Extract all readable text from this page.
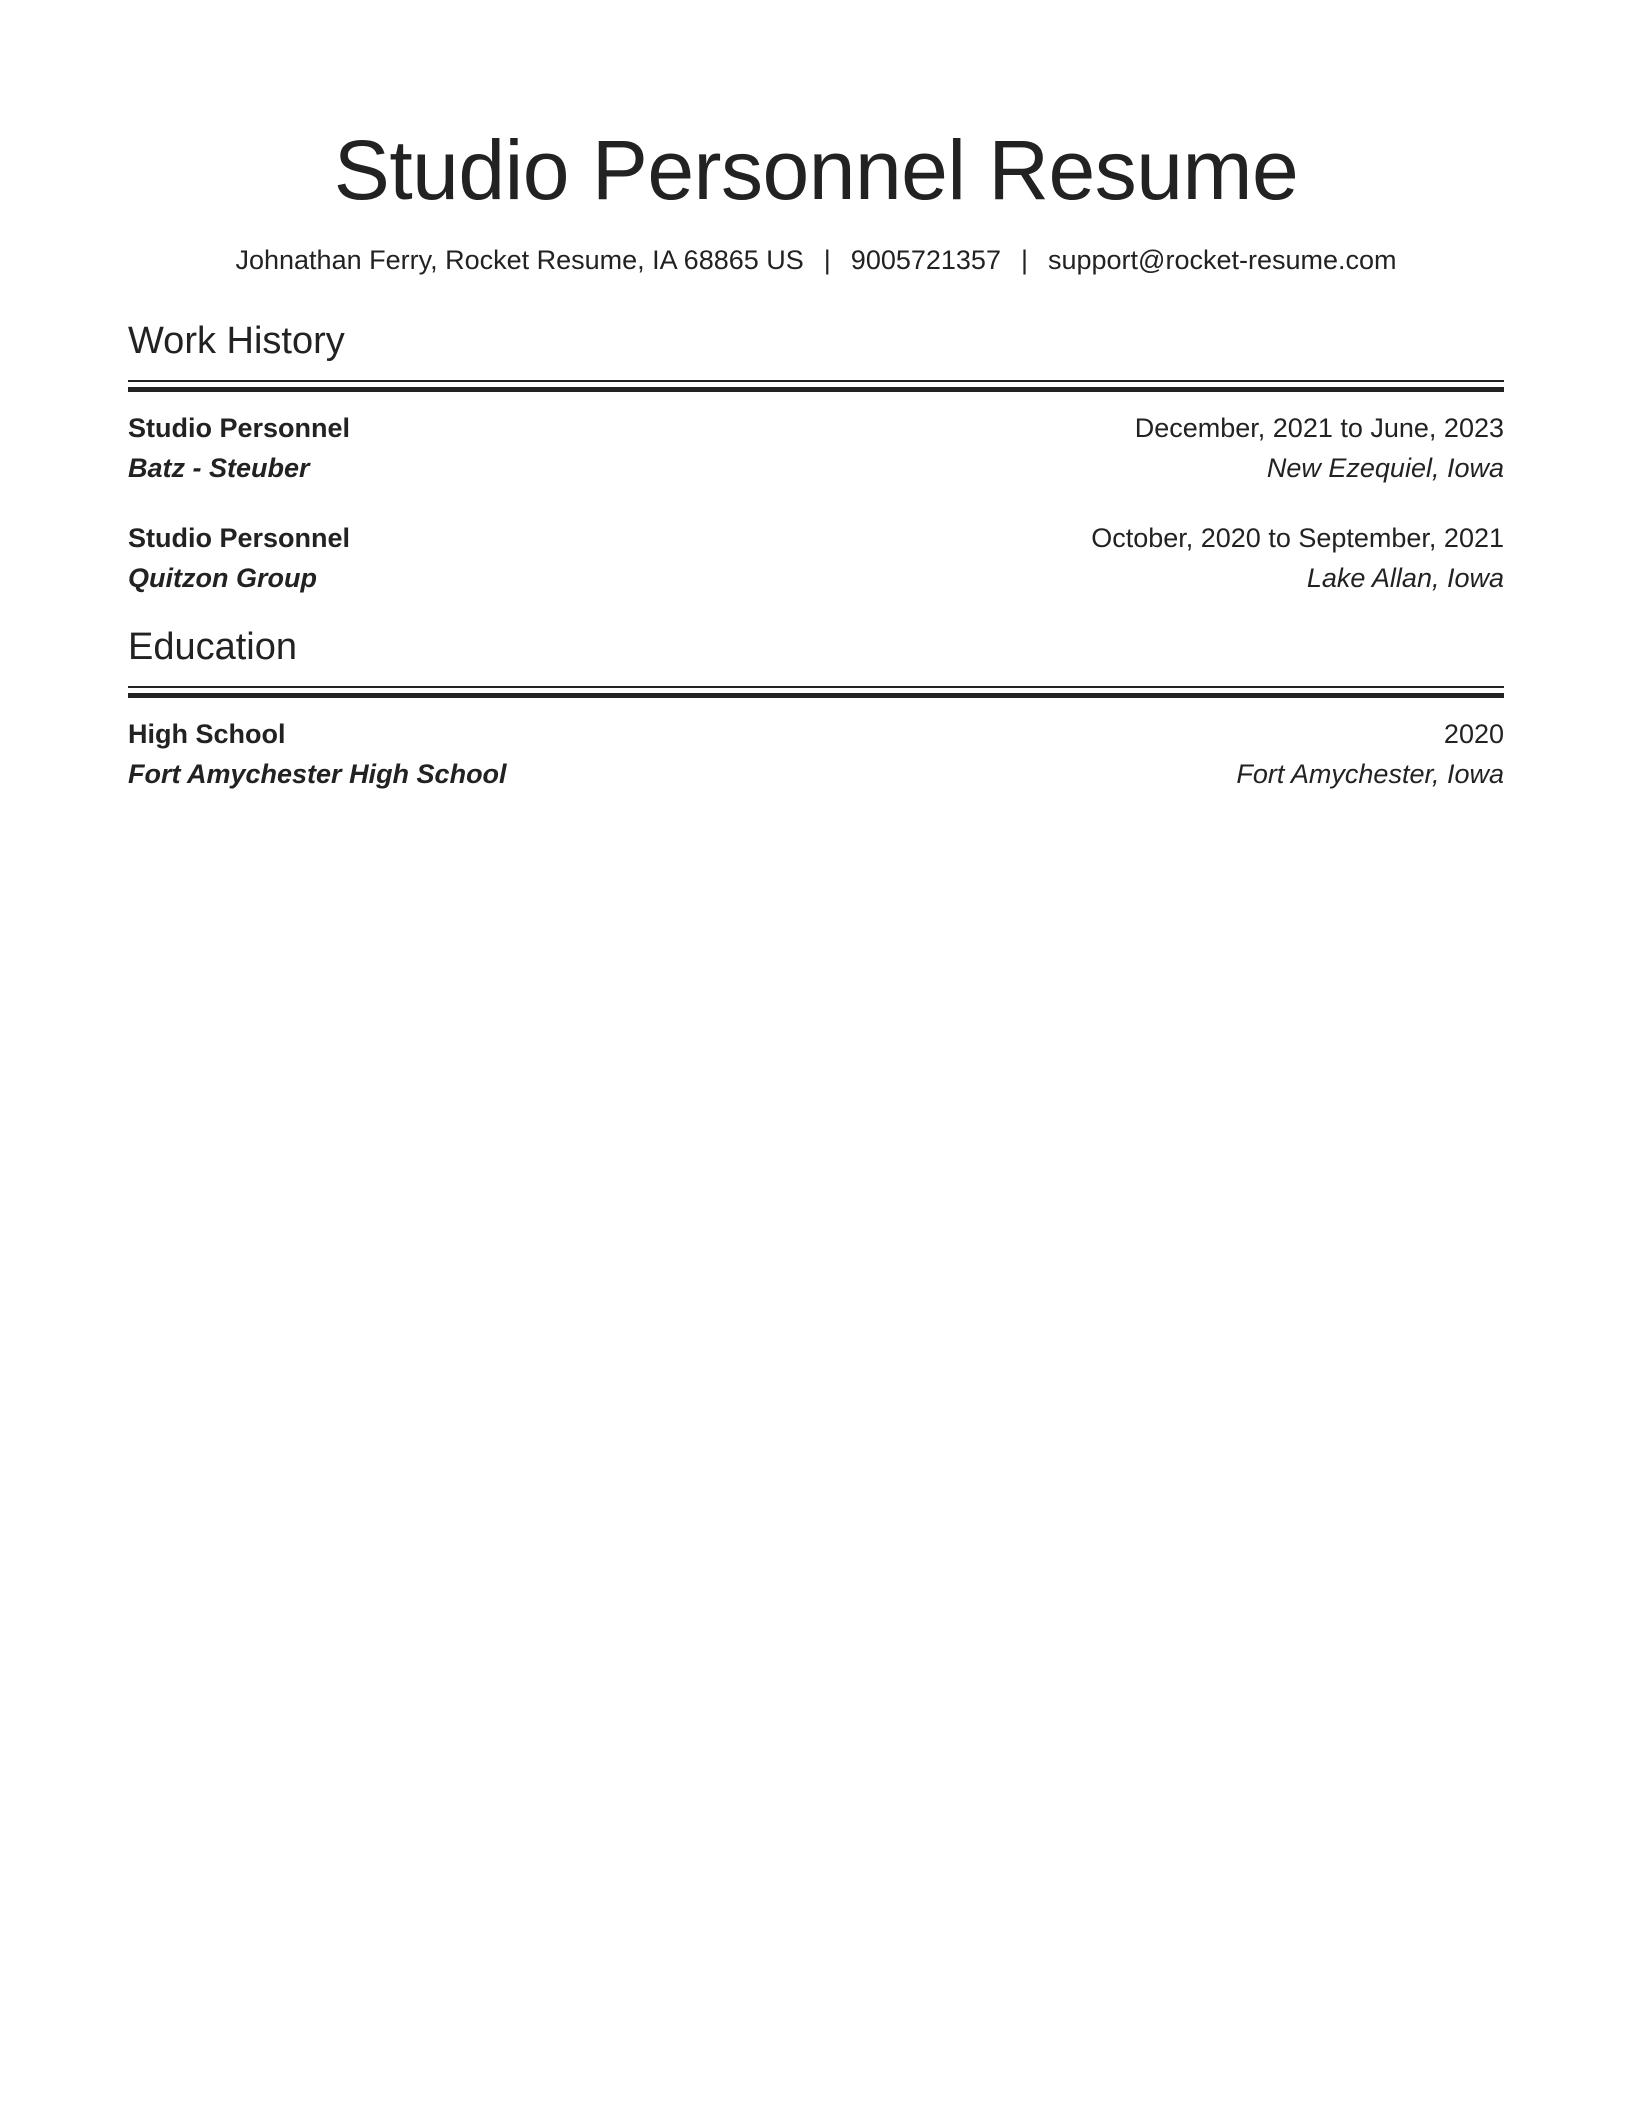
Studio Personnel Resume
Johnathan Ferry, Rocket Resume, IA 68865 US | 9005721357 | support@rocket-resume.com
Work History
Studio Personnel	December, 2021 to June, 2023
Batz - Steuber	New Ezequiel, Iowa
Studio Personnel	October, 2020 to September, 2021
Quitzon Group	Lake Allan, Iowa
Education
High School	2020
Fort Amychester High School	Fort Amychester, Iowa
